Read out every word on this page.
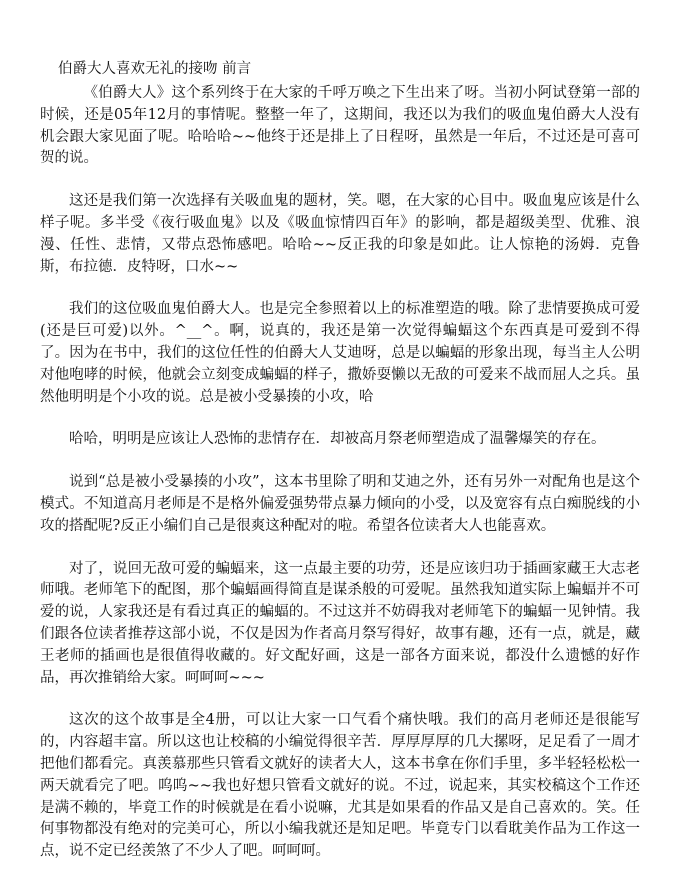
伯爵大人喜欢无礼的接吻 前言

《伯爵大人》这个系列终于在大家的千呼万唤之下生出来了呀。当初小阿试登第一部的时候，还是05年12月的事情呢。整整一年了，这期间，我还以为我们的吸血鬼伯爵大人没有机会跟大家见面了呢。哈哈哈~~他终于还是排上了日程呀，虽然是一年后，不过还是可喜可贺的说。

这还是我们第一次选择有关吸血鬼的题材，笑。嗯，在大家的心目中。吸血鬼应该是什么样子呢。多半受《夜行吸血鬼》以及《吸血惊情四百年》的影响，都是超级美型、优雅、浪漫、任性、悲情，又带点恐怖感吧。哈哈~~反正我的印象是如此。让人惊艳的汤姆．克鲁斯，布拉德．皮特呀，口水~~

我们的这位吸血鬼伯爵大人。也是完全参照着以上的标准塑造的哦。除了悲情要换成可爱(还是巨可爱)以外。^__^。啊，说真的，我还是第一次觉得蝙蝠这个东西真是可爱到不得了。因为在书中，我们的这位任性的伯爵大人艾迪呀，总是以蝙蝠的形象出现，每当主人公明对他咆哮的时候，他就会立刻变成蝙蝠的样子，撒娇耍懒以无敌的可爱来不战而屈人之兵。虽然他明明是个小攻的说。总是被小受暴揍的小攻，哈

哈哈，明明是应该让人恐怖的悲情存在．却被高月祭老师塑造成了温馨爆笑的存在。

说到“总是被小受暴揍的小攻”，这本书里除了明和艾迪之外，还有另外一对配角也是这个模式。不知道高月老师是不是格外偏爱强势带点暴力倾向的小受，以及宽容有点白痴脱线的小攻的搭配呢?反正小编们自己是很爽这种配对的啦。希望各位读者大人也能喜欢。

对了，说回无敌可爱的蝙蝠来，这一点最主要的功劳，还是应该归功于插画家藏王大志老师哦。老师笔下的配图，那个蝙蝠画得简直是谋杀般的可爱呢。虽然我知道实际上蝙蝠并不可爱的说，人家我还是有看过真正的蝙蝠的。不过这并不妨碍我对老师笔下的蝙蝠一见钟情。我们跟各位读者推荐这部小说，不仅是因为作者高月祭写得好，故事有趣，还有一点，就是，藏王老师的插画也是很值得收藏的。好文配好画，这是一部各方面来说，都没什么遗憾的好作品，再次推销给大家。呵呵呵~~~

这次的这个故事是全4册，可以让大家一口气看个痛快哦。我们的高月老师还是很能写的，内容超丰富。所以这也让校稿的小编觉得很辛苦．厚厚厚厚的几大摞呀，足足看了一周才把他们都看完。真羡慕那些只管看文就好的读者大人，这本书拿在你们手里，多半轻轻松松一两天就看完了吧。呜呜~~我也好想只管看文就好的说。不过，说起来，其实校稿这个工作还是满不赖的，毕竟工作的时候就是在看小说嘛，尤其是如果看的作品又是自己喜欢的。笑。任何事物都没有绝对的完美可心，所以小编我就还是知足吧。毕竟专门以看耽美作品为工作这一点，说不定已经羡煞了不少人了吧。呵呵呵。
